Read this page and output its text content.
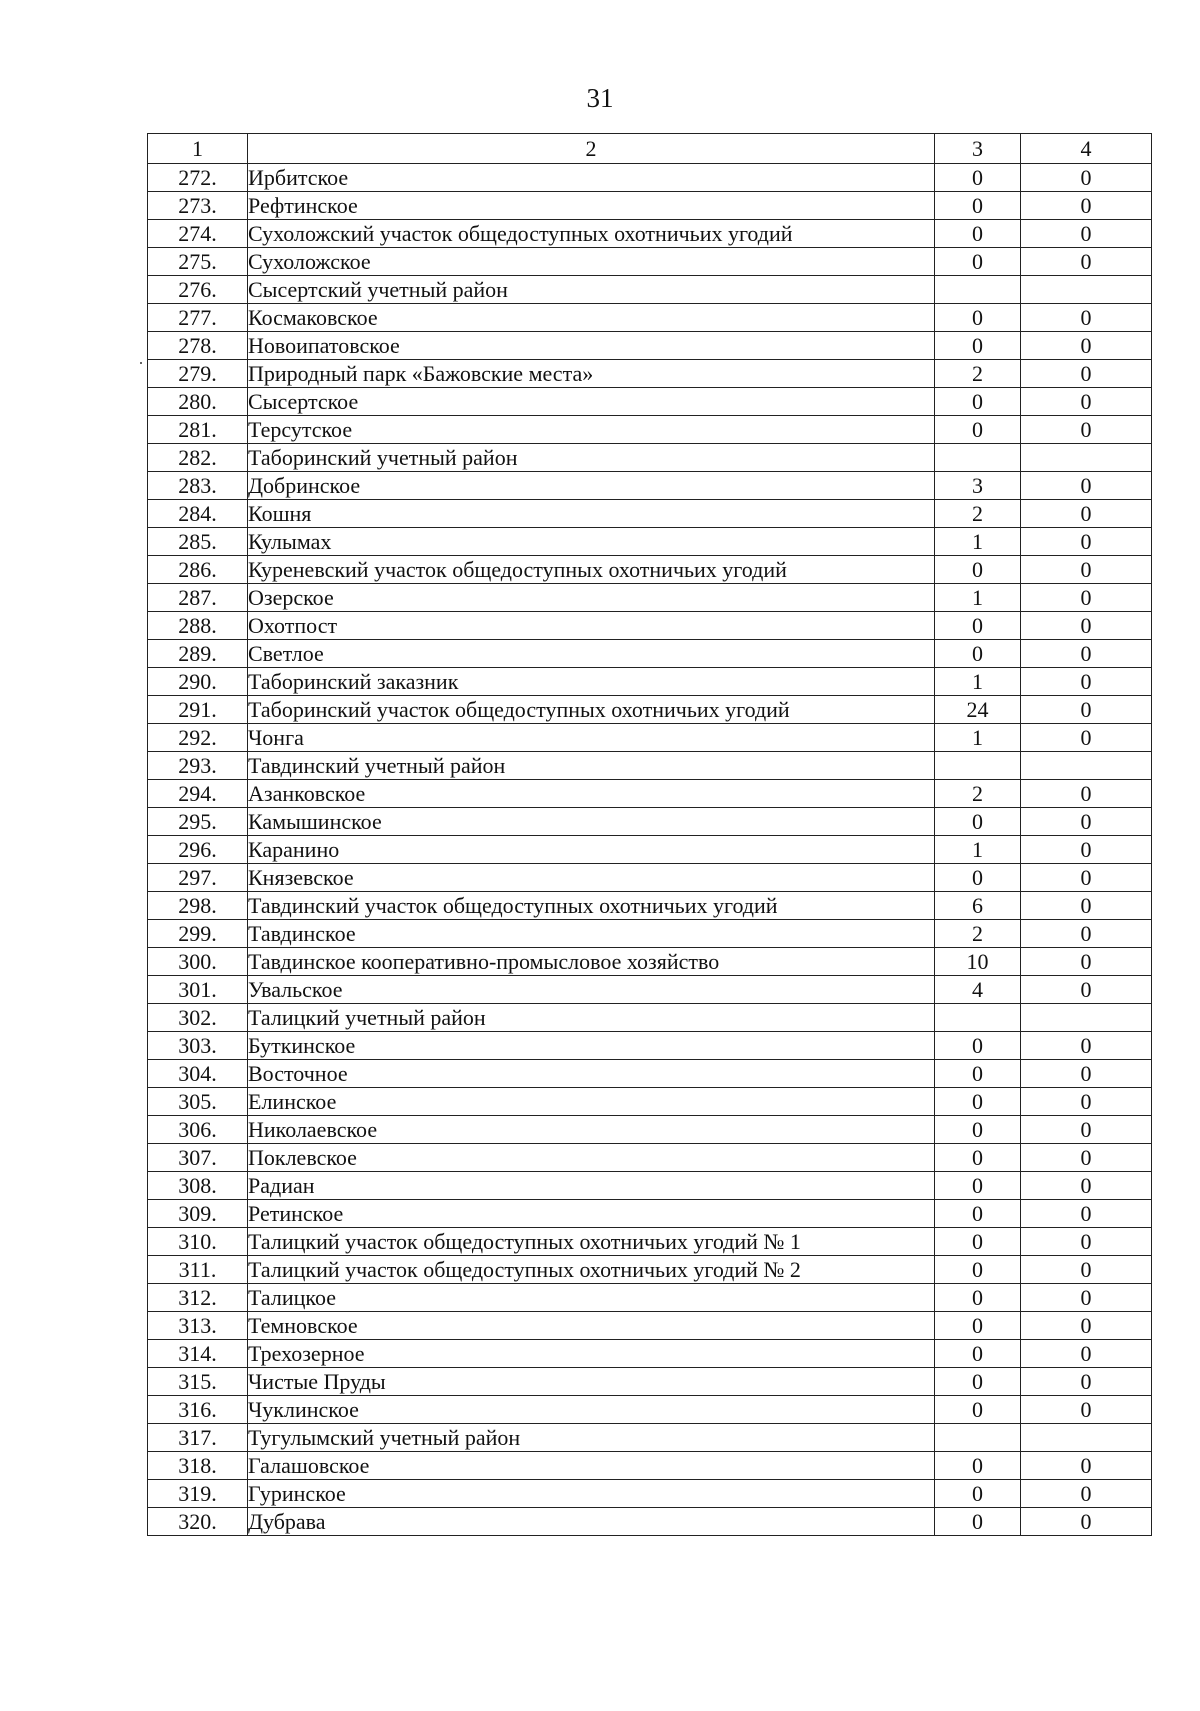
31
1	2	3	4
272.	Ирбитское	0	0
273.	Рефтинское	0	0
274.	Сухоложский участок общедоступных охотничьих угодий	0	0
275.	Сухоложское	0	0
276.	Сысертский учетный район		
277.	Космаковское	0	0
278.	Новоипатовское	0	0
279.	Природный парк «Бажовские места»	2	0
280.	Сысертское	0	0
281.	Терсутское	0	0
282.	Таборинский учетный район		
283.	Добринское	3	0
284.	Кошня	2	0
285.	Кулымах	1	0
286.	Куреневский участок общедоступных охотничьих угодий	0	0
287.	Озерское	1	0
288.	Охотпост	0	0
289.	Светлое	0	0
290.	Таборинский заказник	1	0
291.	Таборинский участок общедоступных охотничьих угодий	24	0
292.	Чонга	1	0
293.	Тавдинский учетный район		
294.	Азанковское	2	0
295.	Камышинское	0	0
296.	Каранино	1	0
297.	Князевское	0	0
298.	Тавдинский участок общедоступных охотничьих угодий	6	0
299.	Тавдинское	2	0
300.	Тавдинское кооперативно-промысловое хозяйство	10	0
301.	Увальское	4	0
302.	Талицкий учетный район		
303.	Буткинское	0	0
304.	Восточное	0	0
305.	Елинское	0	0
306.	Николаевское	0	0
307.	Поклевское	0	0
308.	Радиан	0	0
309.	Ретинское	0	0
310.	Талицкий участок общедоступных охотничьих угодий № 1	0	0
311.	Талицкий участок общедоступных охотничьих угодий № 2	0	0
312.	Талицкое	0	0
313.	Темновское	0	0
314.	Трехозерное	0	0
315.	Чистые Пруды	0	0
316.	Чуклинское	0	0
317.	Тугулымский учетный район		
318.	Галашовское	0	0
319.	Гуринское	0	0
320.	Дубрава	0	0
